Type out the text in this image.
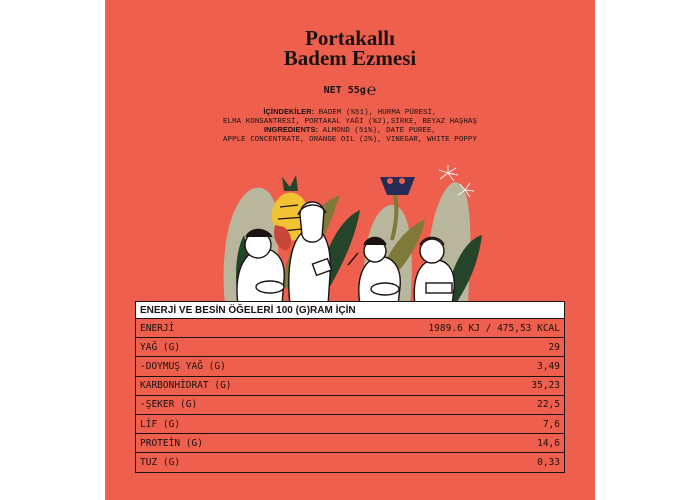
Portakallı
Badem Ezmesi
NET 55g℮
İÇİNDEKİLER: BADEM (%51), HURMA PÜRESİ,
ELMA KONSANTRESİ, PORTAKAL YAĞI (%2),SİRKE, BEYAZ HAŞHAŞ
INGREDIENTS: ALMOND (51%), DATE PUREE,
APPLE CONCENTRATE, ORANGE OIL (2%), VINEGAR, WHITE POPPY
ENERJİ VE BESİN ÖĞELERİ 100 (G)RAM İÇİN	
ENERJİ	1989.6 KJ / 475,53 KCAL
YAĞ (G)	29
-DOYMUŞ YAĞ (G)	3,49
KARBONHİDRAT (G)	35,23
-ŞEKER (G)	22,5
LİF (G)	7,6
PROTEİN (G)	14,6
TUZ (G)	0,33
